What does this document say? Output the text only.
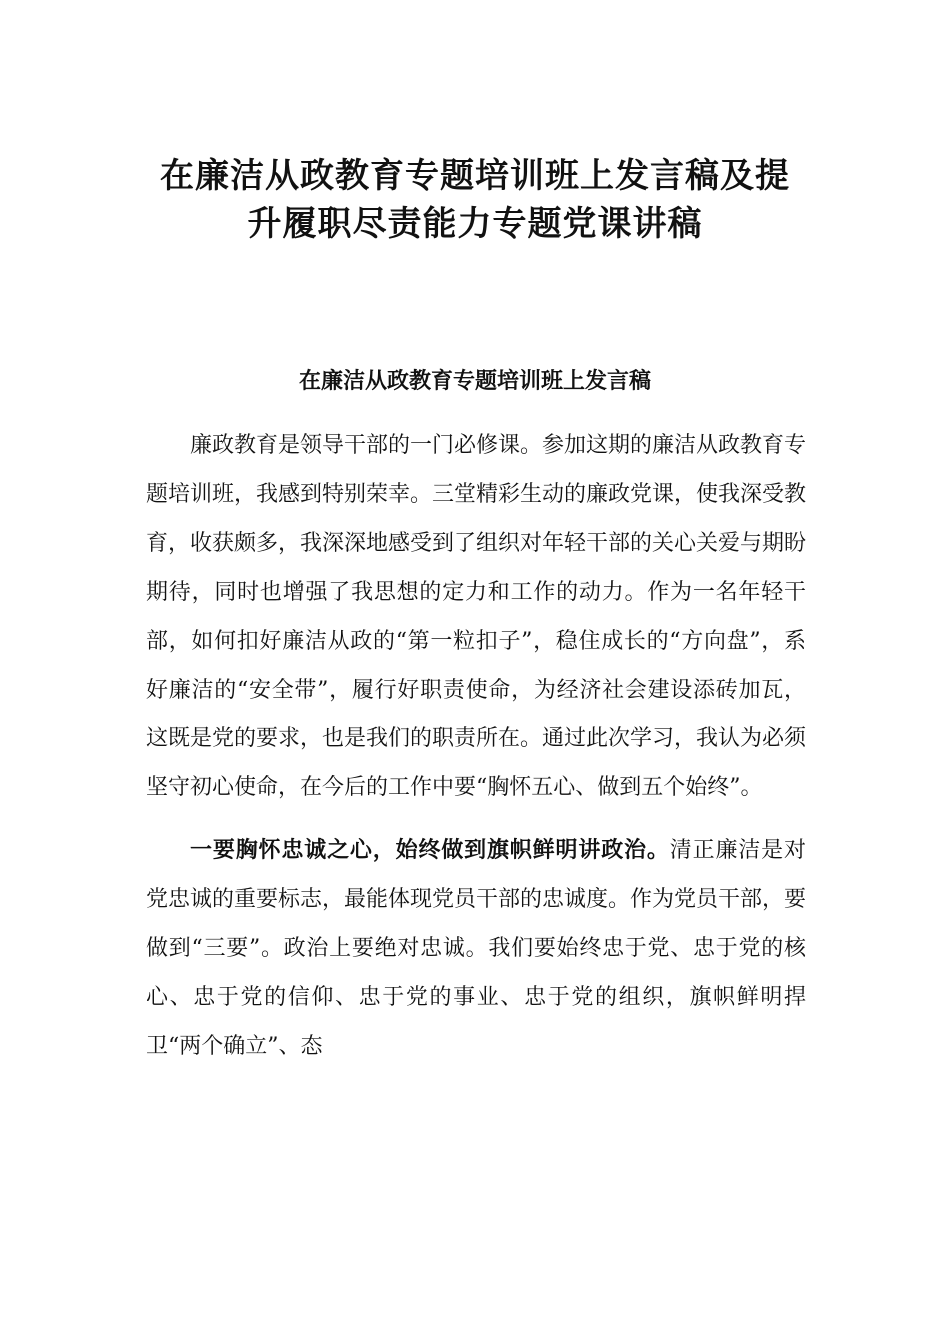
在廉洁从政教育专题培训班上发言稿及提
升履职尽责能力专题党课讲稿
在廉洁从政教育专题培训班上发言稿

廉政教育是领导干部的一门必修课。参加这期的廉洁从政教育专题培训班，我感到特别荣幸。三堂精彩生动的廉政党课，使我深受教育，收获颇多，我深深地感受到了组织对年轻干部的关心关爱与期盼期待，同时也增强了我思想的定力和工作的动力。作为一名年轻干部，如何扣好廉洁从政的“第一粒扣子”，稳住成长的“方向盘”，系好廉洁的“安全带”，履行好职责使命，为经济社会建设添砖加瓦，这既是党的要求，也是我们的职责所在。通过此次学习，我认为必须坚守初心使命，在今后的工作中要“胸怀五心、做到五个始终”。

一要胸怀忠诚之心，始终做到旗帜鲜明讲政治。清正廉洁是对党忠诚的重要标志，最能体现党员干部的忠诚度。作为党员干部，要做到“三要”。政治上要绝对忠诚。我们要始终忠于党、忠于党的核心、忠于党的信仰、忠于党的事业、忠于党的组织，旗帜鲜明捍卫“两个确立”、态
